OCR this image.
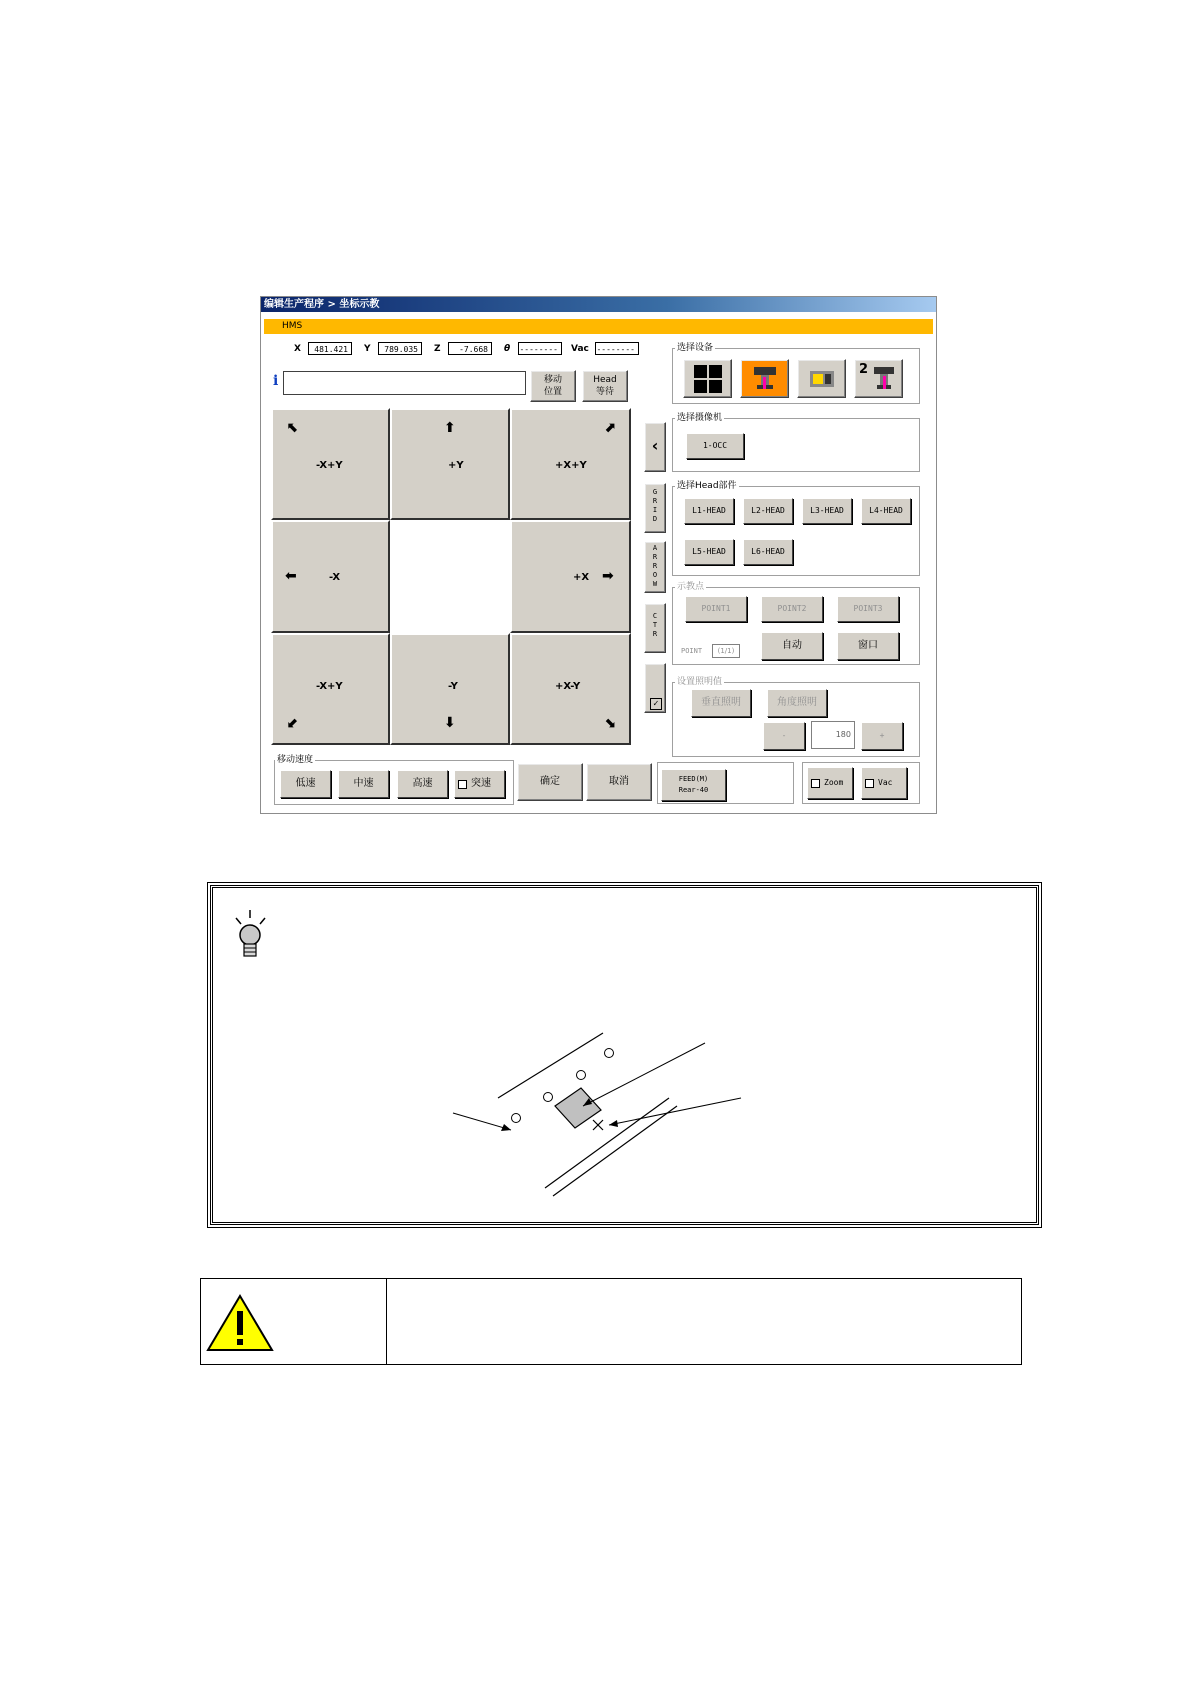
编辑生产程序 > 坐标示教
HMS
X	481.421	Y	789.035	Z	-7.668	θ --------	Vac --------
i	移动
位置
Head
等待
⬉
-X+Y
⬆
+Y
⬈
+X+Y
⬅	-X	+X ➡
-X+Y
⬋
-Y
⬇
+X-Y
⬊
‹
G
R
I
D
A
R
R
O
W
C
T
R
✓
选择设备
2
选择摄像机
1-OCC
选择Head部件
L1-HEAD	L2-HEAD	L3-HEAD	L4-HEAD
L5-HEAD	L6-HEAD
示教点
POINT1	POINT2	POINT3
POINT	(1/1)	自动	窗口
设置照明值
垂直照明	角度照明
-	180	+
移动速度
低速	中速	高速	突速	确定	取消	FEED(M)
Rear-40
Zoom	Vac
